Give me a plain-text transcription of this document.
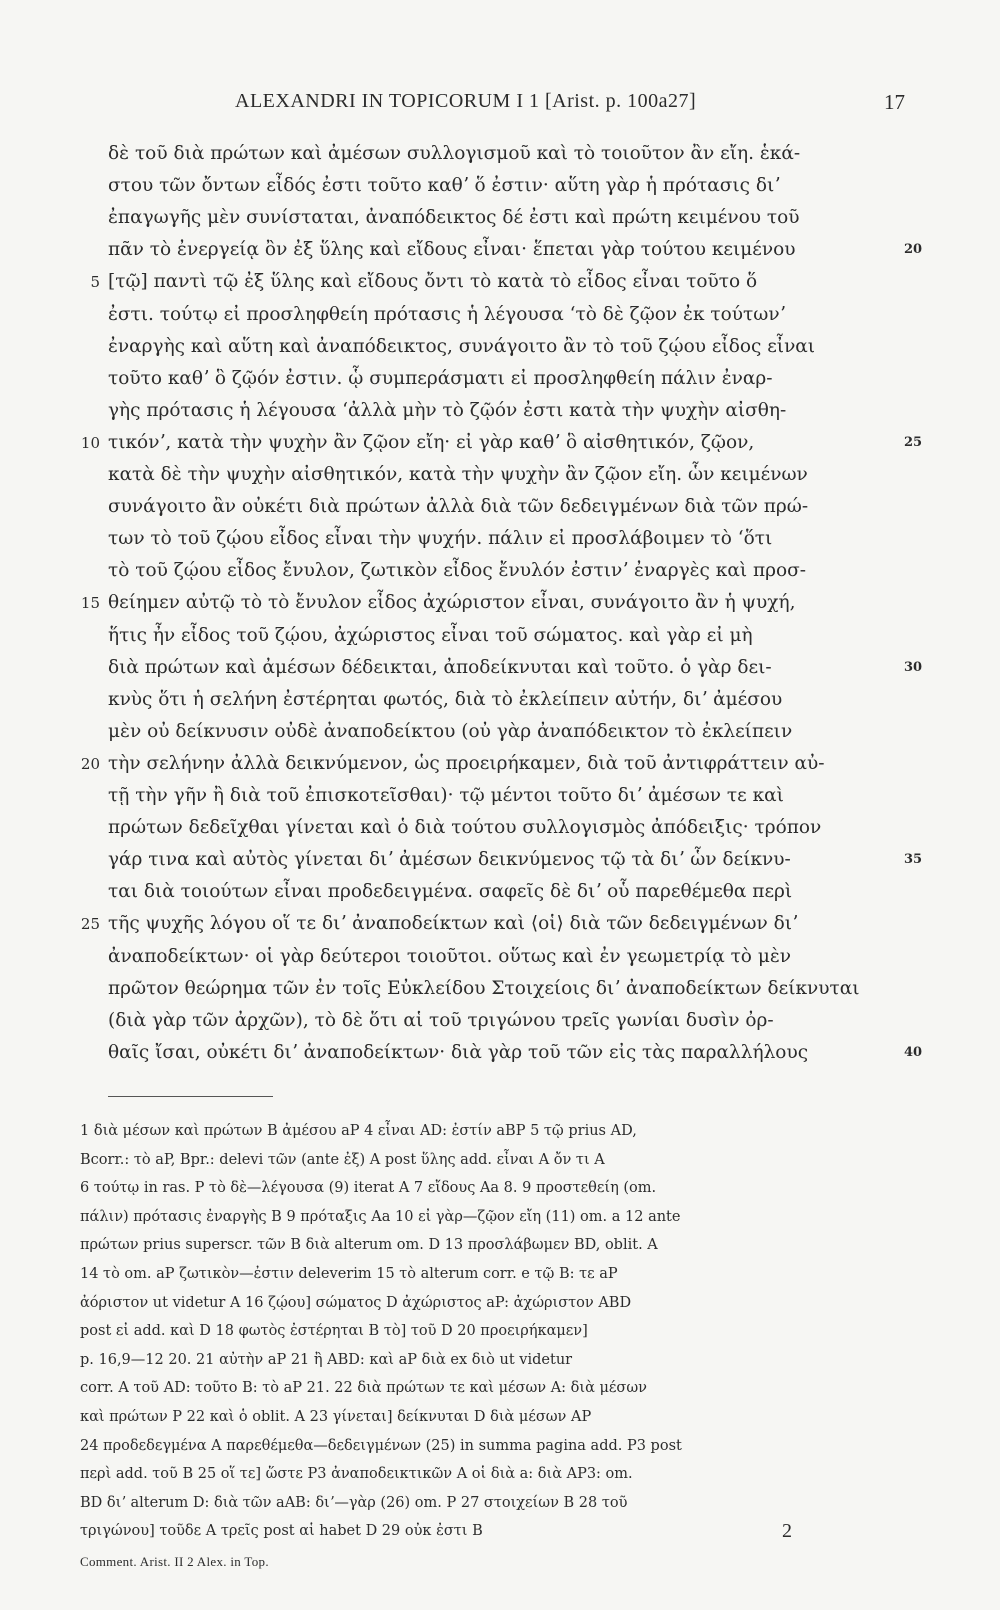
ALEXANDRI IN TOPICORUM I 1 [Arist. p. 100a27]	17
δὲ τοῦ διὰ πρώτων καὶ ἀμέσων συλλογισμοῦ καὶ τὸ τοιοῦτον ἂν εἴη. ἑκά-
στου τῶν ὄντων εἶδός ἐστι τοῦτο καθʼ ὅ ἐστιν· αὕτη γὰρ ἡ πρότασις διʼ
ἐπαγωγῆς μὲν συνίσταται, ἀναπόδεικτος δέ ἐστι καὶ πρώτη κειμένου τοῦ
πᾶν τὸ ἐνεργείᾳ ὂν ἐξ ὕλης καὶ εἴδους εἶναι· ἕπεται γὰρ τούτου κειμένου	20
[τῷ] παντὶ τῷ ἐξ ὕλης καὶ εἴδους ὄντι τὸ κατὰ τὸ εἶδος εἶναι τοῦτο ὅ
5
ἐστι. τούτῳ εἰ προσληφθείη πρότασις ἡ λέγουσα ʻτὸ δὲ ζῷον ἐκ τούτωνʼ
ἐναργὴς καὶ αὕτη καὶ ἀναπόδεικτος, συνάγοιτο ἂν τὸ τοῦ ζῴου εἶδος εἶναι
τοῦτο καθʼ ὃ ζῷόν ἐστιν. ᾧ συμπεράσματι εἰ προσληφθείη πάλιν ἐναρ-
γὴς πρότασις ἡ λέγουσα ʻἀλλὰ μὴν τὸ ζῷόν ἐστι κατὰ τὴν ψυχὴν αἰσθη-
τικόνʼ, κατὰ τὴν ψυχὴν ἂν ζῷον εἴη· εἰ γὰρ καθʼ ὃ αἰσθητικόν, ζῷον,
10	25
κατὰ δὲ τὴν ψυχὴν αἰσθητικόν, κατὰ τὴν ψυχὴν ἂν ζῷον εἴη. ὧν κειμένων
συνάγοιτο ἂν οὐκέτι διὰ πρώτων ἀλλὰ διὰ τῶν δεδειγμένων διὰ τῶν πρώ-
των τὸ τοῦ ζῴου εἶδος εἶναι τὴν ψυχήν. πάλιν εἰ προσλάβοιμεν τὸ ʻὅτι
τὸ τοῦ ζῴου εἶδος ἔνυλον, ζωτικὸν εἶδος ἔνυλόν ἐστινʼ ἐναργὲς καὶ προσ-
θείημεν αὐτῷ τὸ τὸ ἔνυλον εἶδος ἀχώριστον εἶναι, συνάγοιτο ἂν ἡ ψυχή,
15
ἥτις ἦν εἶδος τοῦ ζῴου, ἀχώριστος εἶναι τοῦ σώματος. καὶ γὰρ εἰ μὴ
διὰ πρώτων καὶ ἀμέσων δέδεικται, ἀποδείκνυται καὶ τοῦτο. ὁ γὰρ δει-	30
κνὺς ὅτι ἡ σελήνη ἐστέρηται φωτός, διὰ τὸ ἐκλείπειν αὐτήν, διʼ ἀμέσου
μὲν οὐ δείκνυσιν οὐδὲ ἀναποδείκτου (οὐ γὰρ ἀναπόδεικτον τὸ ἐκλείπειν
τὴν σελήνην ἀλλὰ δεικνύμενον, ὡς προειρήκαμεν, διὰ τοῦ ἀντιφράττειν αὐ-
20
τῇ τὴν γῆν ἢ διὰ τοῦ ἐπισκοτεῖσθαι)· τῷ μέντοι τοῦτο διʼ ἀμέσων τε καὶ
πρώτων δεδεῖχθαι γίνεται καὶ ὁ διὰ τούτου συλλογισμὸς ἀπόδειξις· τρόπον
γάρ τινα καὶ αὐτὸς γίνεται διʼ ἀμέσων δεικνύμενος τῷ τὰ διʼ ὧν δείκνυ-	35
ται διὰ τοιούτων εἶναι προδεδειγμένα. σαφεῖς δὲ διʼ οὗ παρεθέμεθα περὶ
τῆς ψυχῆς λόγου οἵ τε διʼ ἀναποδείκτων καὶ ⟨οἱ⟩ διὰ τῶν δεδειγμένων διʼ
25
ἀναποδείκτων· οἱ γὰρ δεύτεροι τοιοῦτοι. οὕτως καὶ ἐν γεωμετρίᾳ τὸ μὲν
πρῶτον θεώρημα τῶν ἐν τοῖς Εὐκλείδου Στοιχείοις διʼ ἀναποδείκτων δείκνυται
(διὰ γὰρ τῶν ἀρχῶν), τὸ δὲ ὅτι αἱ τοῦ τριγώνου τρεῖς γωνίαι δυσὶν ὀρ-
θαῖς ἴσαι, οὐκέτι διʼ ἀναποδείκτων· διὰ γὰρ τοῦ τῶν εἰς τὰς παραλλήλους	40
1 διὰ μέσων καὶ πρώτων B ἀμέσου aP 4 εἶναι AD: ἐστίν aBP 5 τῷ prius AD,
Bcorr.: τὸ aP, Bpr.: delevi τῶν (ante ἐξ) A post ὕλης add. εἶναι A ὄν τι A
6 τούτῳ in ras. P τὸ δὲ—λέγουσα (9) iterat A 7 εἴδους Aa 8. 9 προστεθείη (om.
πάλιν) πρότασις ἐναργὴς B 9 πρόταξις Aa 10 εἰ γὰρ—ζῷον εἴη (11) om. a 12 ante
πρώτων prius superscr. τῶν B διὰ alterum om. D 13 προσλάβωμεν BD, oblit. A
14 τὸ om. aP ζωτικὸν—ἐστιν deleverim 15 τὸ alterum corr. e τῷ B: τε aP
ἀόριστον ut videtur A 16 ζῴου] σώματος D ἀχώριστος aP: ἀχώριστον ABD
post εἰ add. καὶ D 18 φωτὸς ἐστέρηται B τὸ] τοῦ D 20 προειρήκαμεν]
p. 16,9—12 20. 21 αὐτὴν aP 21 ἢ ABD: καὶ aP διὰ ex διὸ ut videtur
corr. A τοῦ AD: τοῦτο B: τὸ aP 21. 22 διὰ πρώτων τε καὶ μέσων A: διὰ μέσων
καὶ πρώτων P 22 καὶ ὁ oblit. A 23 γίνεται] δείκνυται D διὰ μέσων AP
24 προδεδεγμένα A παρεθέμεθα—δεδειγμένων (25) in summa pagina add. P3 post
περὶ add. τοῦ B 25 οἵ τε] ὥστε P3 ἀναποδεικτικῶν A οἱ διὰ a: διὰ AP3: om.
BD διʼ alterum D: διὰ τῶν aAB: διʼ—γὰρ (26) om. P 27 στοιχείων B 28 τοῦ
τριγώνου] τοῦδε A τρεῖς post αἱ habet D 29 οὐκ ἐστι B	2
Comment. Arist. II 2 Alex. in Top.
